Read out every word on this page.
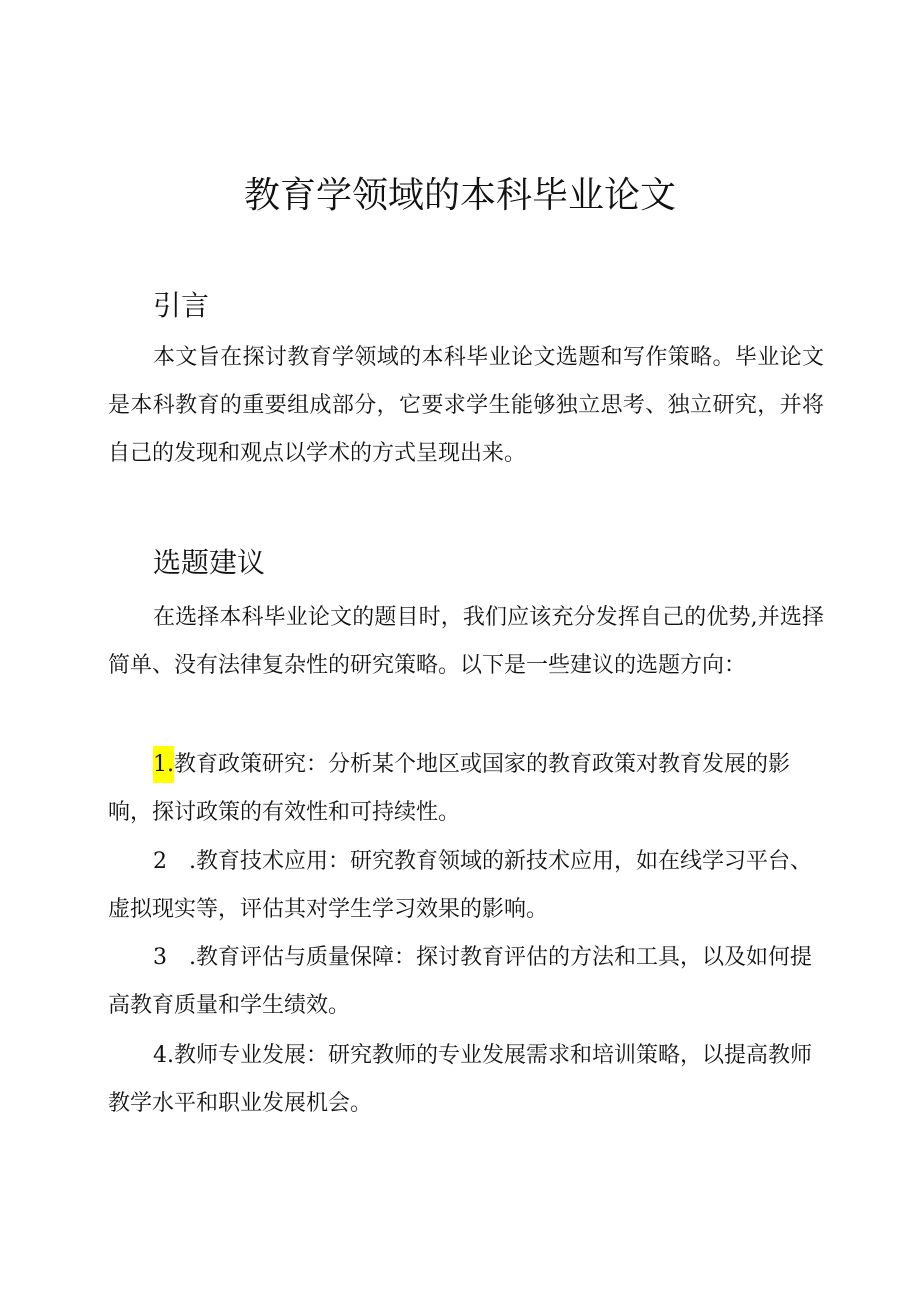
教育学领域的本科毕业论文
引言

本文旨在探讨教育学领域的本科毕业论文选题和写作策略。毕业论文是本科教育的重要组成部分，它要求学生能够独立思考、独立研究，并将自己的发现和观点以学术的方式呈现出来。

选题建议

在选择本科毕业论文的题目时，我们应该充分发挥自己的优势,并选择简单、没有法律复杂性的研究策略。以下是一些建议的选题方向：

1.教育政策研究：分析某个地区或国家的教育政策对教育发展的影响，探讨政策的有效性和可持续性。

2　.教育技术应用：研究教育领域的新技术应用，如在线学习平台、虚拟现实等，评估其对学生学习效果的影响。

3　.教育评估与质量保障：探讨教育评估的方法和工具，以及如何提高教育质量和学生绩效。

4.教师专业发展：研究教师的专业发展需求和培训策略，以提高教师教学水平和职业发展机会。
